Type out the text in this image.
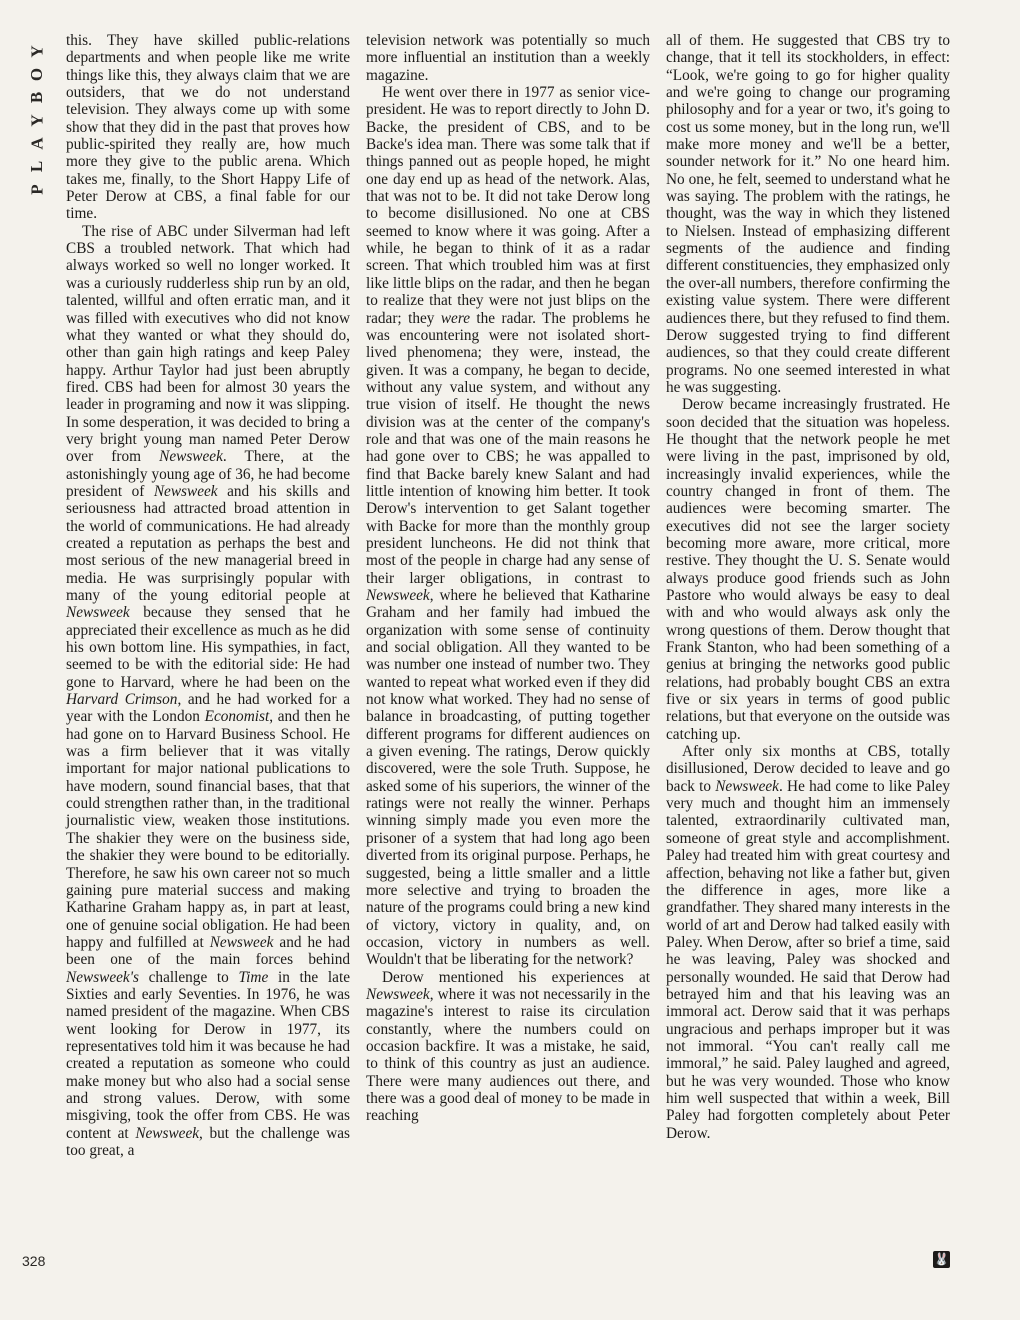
Y
O
B
Y
A
L
P

this. They have skilled public-relations departments and when people like me write things like this, they always claim that we are outsiders, that we do not understand television. They always come up with some show that they did in the past that proves how public-spirited they really are, how much more they give to the public arena. Which takes me, finally, to the Short Happy Life of Peter Derow at CBS, a final fable for our time.

The rise of ABC under Silverman had left CBS a troubled network. That which had always worked so well no longer worked. It was a curiously rudderless ship run by an old, talented, willful and often erratic man, and it was filled with executives who did not know what they wanted or what they should do, other than gain high ratings and keep Paley happy. Arthur Taylor had just been abruptly fired. CBS had been for almost 30 years the leader in programing and now it was slipping. In some desperation, it was decided to bring a very bright young man named Peter Derow over from Newsweek. There, at the astonishingly young age of 36, he had become president of Newsweek and his skills and seriousness had attracted broad attention in the world of communications. He had already created a reputation as perhaps the best and most serious of the new managerial breed in media. He was surprisingly popular with many of the young editorial people at Newsweek because they sensed that he appreciated their excellence as much as he did his own bottom line. His sympathies, in fact, seemed to be with the editorial side: He had gone to Harvard, where he had been on the Harvard Crimson, and he had worked for a year with the London Economist, and then he had gone on to Harvard Business School. He was a firm believer that it was vitally important for major national publications to have modern, sound financial bases, that that could strengthen rather than, in the traditional journalistic view, weaken those institutions. The shakier they were on the business side, the shakier they were bound to be editorially. Therefore, he saw his own career not so much gaining pure material success and making Katharine Graham happy as, in part at least, one of genuine social obligation. He had been happy and fulfilled at Newsweek and he had been one of the main forces behind Newsweek's challenge to Time in the late Sixties and early Seventies. In 1976, he was named president of the magazine. When CBS went looking for Derow in 1977, its representatives told him it was because he had created a reputation as someone who could make money but who also had a social sense and strong values. Derow, with some misgiving, took the offer from CBS. He was content at Newsweek, but the challenge was too great, a

television network was potentially so much more influential an institution than a weekly magazine.

He went over there in 1977 as senior vice-president. He was to report directly to John D. Backe, the president of CBS, and to be Backe's idea man. There was some talk that if things panned out as people hoped, he might one day end up as head of the network. Alas, that was not to be. It did not take Derow long to become disillusioned. No one at CBS seemed to know where it was going. After a while, he began to think of it as a radar screen. That which troubled him was at first like little blips on the radar, and then he began to realize that they were not just blips on the radar; they were the radar. The problems he was encountering were not isolated short-lived phenomena; they were, instead, the given. It was a company, he began to decide, without any value system, and without any true vision of itself. He thought the news division was at the center of the company's role and that was one of the main reasons he had gone over to CBS; he was appalled to find that Backe barely knew Salant and had little intention of knowing him better. It took Derow's intervention to get Salant together with Backe for more than the monthly group president luncheons. He did not think that most of the people in charge had any sense of their larger obligations, in contrast to Newsweek, where he believed that Katharine Graham and her family had imbued the organization with some sense of continuity and social obligation. All they wanted to be was number one instead of number two. They wanted to repeat what worked even if they did not know what worked. They had no sense of balance in broadcasting, of putting together different programs for different audiences on a given evening. The ratings, Derow quickly discovered, were the sole Truth. Suppose, he asked some of his superiors, the winner of the ratings were not really the winner. Perhaps winning simply made you even more the prisoner of a system that had long ago been diverted from its original purpose. Perhaps, he suggested, being a little smaller and a little more selective and trying to broaden the nature of the programs could bring a new kind of victory, victory in quality, and, on occasion, victory in numbers as well. Wouldn't that be liberating for the network?

Derow mentioned his experiences at Newsweek, where it was not necessarily in the magazine's interest to raise its circulation constantly, where the numbers could on occasion backfire. It was a mistake, he said, to think of this country as just an audience. There were many audiences out there, and there was a good deal of money to be made in reaching

all of them. He suggested that CBS try to change, that it tell its stockholders, in effect: “Look, we're going to go for higher quality and we're going to change our programing philosophy and for a year or two, it's going to cost us some money, but in the long run, we'll make more money and we'll be a better, sounder network for it.” No one heard him. No one, he felt, seemed to understand what he was saying. The problem with the ratings, he thought, was the way in which they listened to Nielsen. Instead of emphasizing different segments of the audience and finding different constituencies, they emphasized only the over-all numbers, therefore confirming the existing value system. There were different audiences there, but they refused to find them. Derow suggested trying to find different audiences, so that they could create different programs. No one seemed interested in what he was suggesting.

Derow became increasingly frustrated. He soon decided that the situation was hopeless. He thought that the network people he met were living in the past, imprisoned by old, increasingly invalid experiences, while the country changed in front of them. The audiences were becoming smarter. The executives did not see the larger society becoming more aware, more critical, more restive. They thought the U. S. Senate would always produce good friends such as John Pastore who would always be easy to deal with and who would always ask only the wrong questions of them. Derow thought that Frank Stanton, who had been something of a genius at bringing the networks good public relations, had probably bought CBS an extra five or six years in terms of good public relations, but that everyone on the outside was catching up.

After only six months at CBS, totally disillusioned, Derow decided to leave and go back to Newsweek. He had come to like Paley very much and thought him an immensely talented, extraordinarily cultivated man, someone of great style and accomplishment. Paley had treated him with great courtesy and affection, behaving not like a father but, given the difference in ages, more like a grandfather. They shared many interests in the world of art and Derow had talked easily with Paley. When Derow, after so brief a time, said he was leaving, Paley was shocked and personally wounded. He said that Derow had betrayed him and that his leaving was an immoral act. Derow said that it was perhaps ungracious and perhaps improper but it was not immoral. “You can't really call me immoral,” he said. Paley laughed and agreed, but he was very wounded. Those who know him well suspected that within a week, Bill Paley had forgotten completely about Peter Derow.

328	🐰
